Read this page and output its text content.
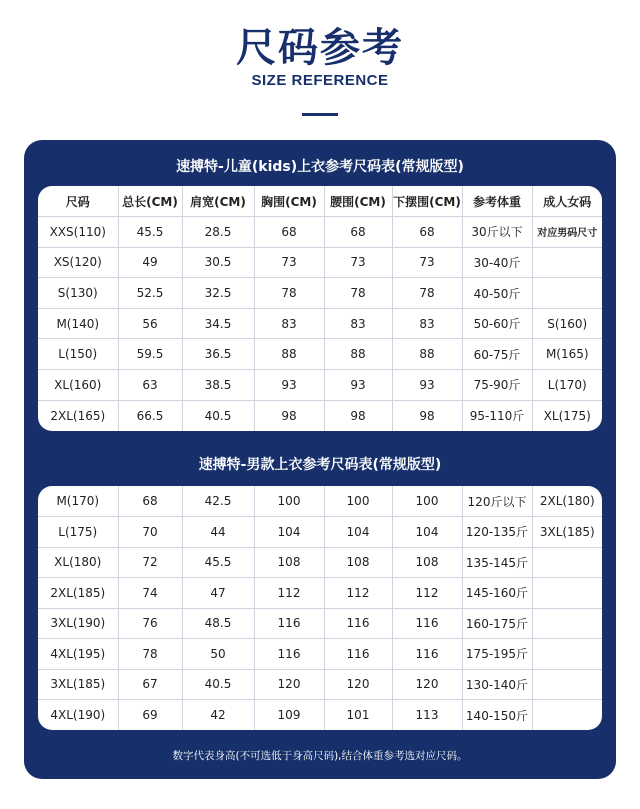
尺码参考
SIZE REFERENCE
速搏特-儿童(kids)上衣参考尺码表(常规版型)
尺码	总长(CM)	肩宽(CM)	胸围(CM)	腰围(CM)	下摆围(CM)	参考体重	成人女码
XXS(110)	45.5	28.5	68	68	68	30斤以下	对应男码尺寸
XS(120)	49	30.5	73	73	73	30-40斤	
S(130)	52.5	32.5	78	78	78	40-50斤	
M(140)	56	34.5	83	83	83	50-60斤	S(160)
L(150)	59.5	36.5	88	88	88	60-75斤	M(165)
XL(160)	63	38.5	93	93	93	75-90斤	L(170)
2XL(165)	66.5	40.5	98	98	98	95-110斤	XL(175)
速搏特-男款上衣参考尺码表(常规版型)
M(170)	68	42.5	100	100	100	120斤以下	2XL(180)
L(175)	70	44	104	104	104	120-135斤	3XL(185)
XL(180)	72	45.5	108	108	108	135-145斤	
2XL(185)	74	47	112	112	112	145-160斤	
3XL(190)	76	48.5	116	116	116	160-175斤	
4XL(195)	78	50	116	116	116	175-195斤	
3XL(185)	67	40.5	120	120	120	130-140斤	
4XL(190)	69	42	109	101	113	140-150斤	
数字代表身高(不可选低于身高尺码),结合体重参考选对应尺码。
